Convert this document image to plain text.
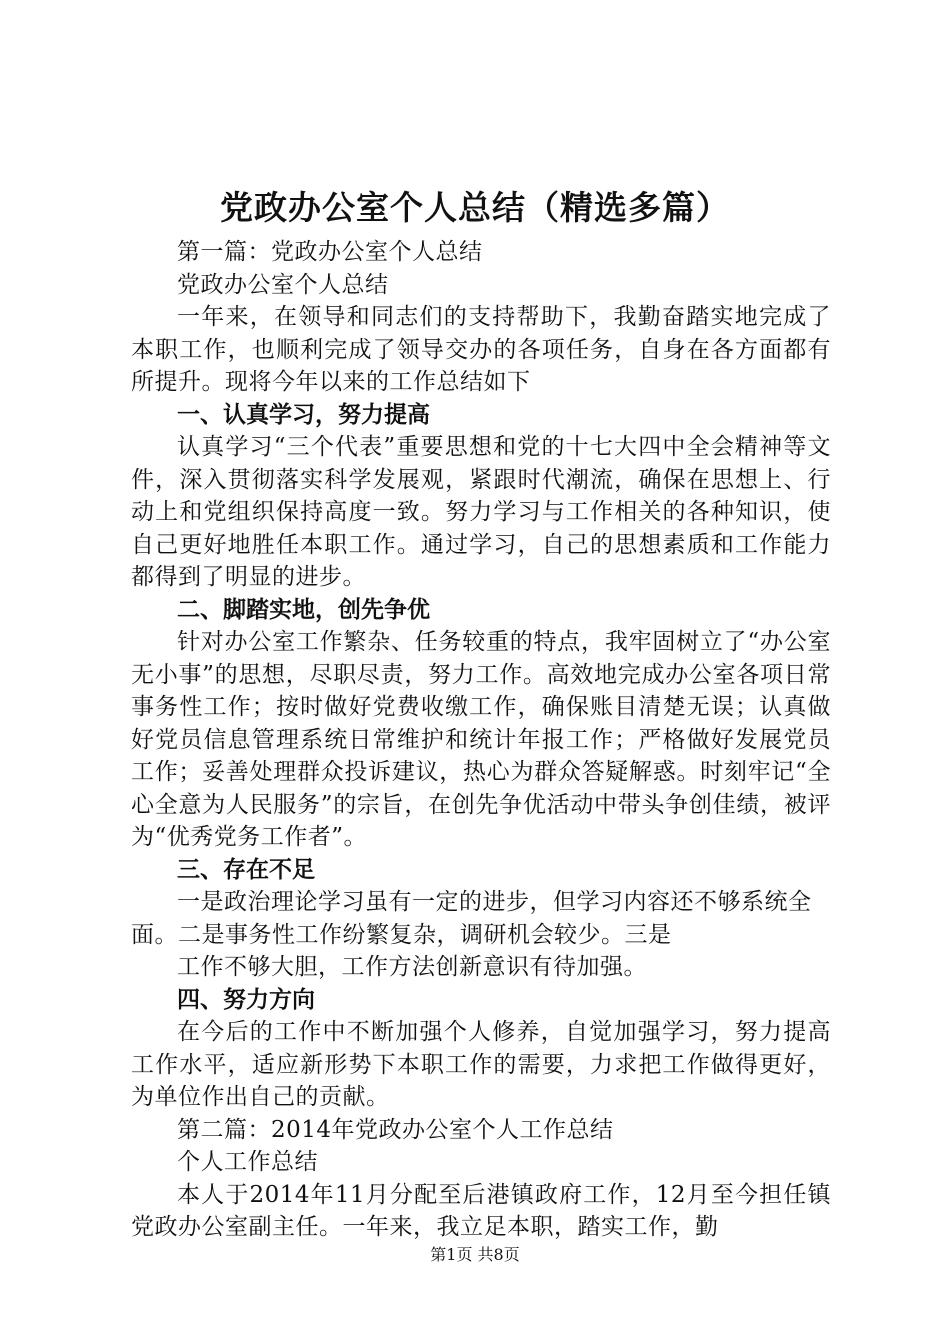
党政办公室个人总结（精选多篇）

第一篇：党政办公室个人总结

党政办公室个人总结

一年来，在领导和同志们的支持帮助下，我勤奋踏实地完成了本职工作，也顺利完成了领导交办的各项任务，自身在各方面都有所提升。现将今年以来的工作总结如下

一、认真学习，努力提高

认真学习“三个代表”重要思想和党的十七大四中全会精神等文件，深入贯彻落实科学发展观，紧跟时代潮流，确保在思想上、行动上和党组织保持高度一致。努力学习与工作相关的各种知识，使自己更好地胜任本职工作。通过学习，自己的思想素质和工作能力都得到了明显的进步。

二、脚踏实地，创先争优

针对办公室工作繁杂、任务较重的特点，我牢固树立了“办公室无小事”的思想，尽职尽责，努力工作。高效地完成办公室各项日常事务性工作；按时做好党费收缴工作，确保账目清楚无误；认真做好党员信息管理系统日常维护和统计年报工作；严格做好发展党员工作；妥善处理群众投诉建议，热心为群众答疑解惑。时刻牢记“全心全意为人民服务”的宗旨，在创先争优活动中带头争创佳绩，被评为“优秀党务工作者”。

三、存在不足

一是政治理论学习虽有一定的进步，但学习内容还不够系统全面。二是事务性工作纷繁复杂，调研机会较少。三是

工作不够大胆，工作方法创新意识有待加强。

四、努力方向

在今后的工作中不断加强个人修养，自觉加强学习，努力提高工作水平，适应新形势下本职工作的需要，力求把工作做得更好，为单位作出自己的贡献。

第二篇：2014年党政办公室个人工作总结

个人工作总结

本人于2014年11月分配至后港镇政府工作，12月至今担任镇党政办公室副主任。一年来，我立足本职，踏实工作，勤

第1页 共8页
